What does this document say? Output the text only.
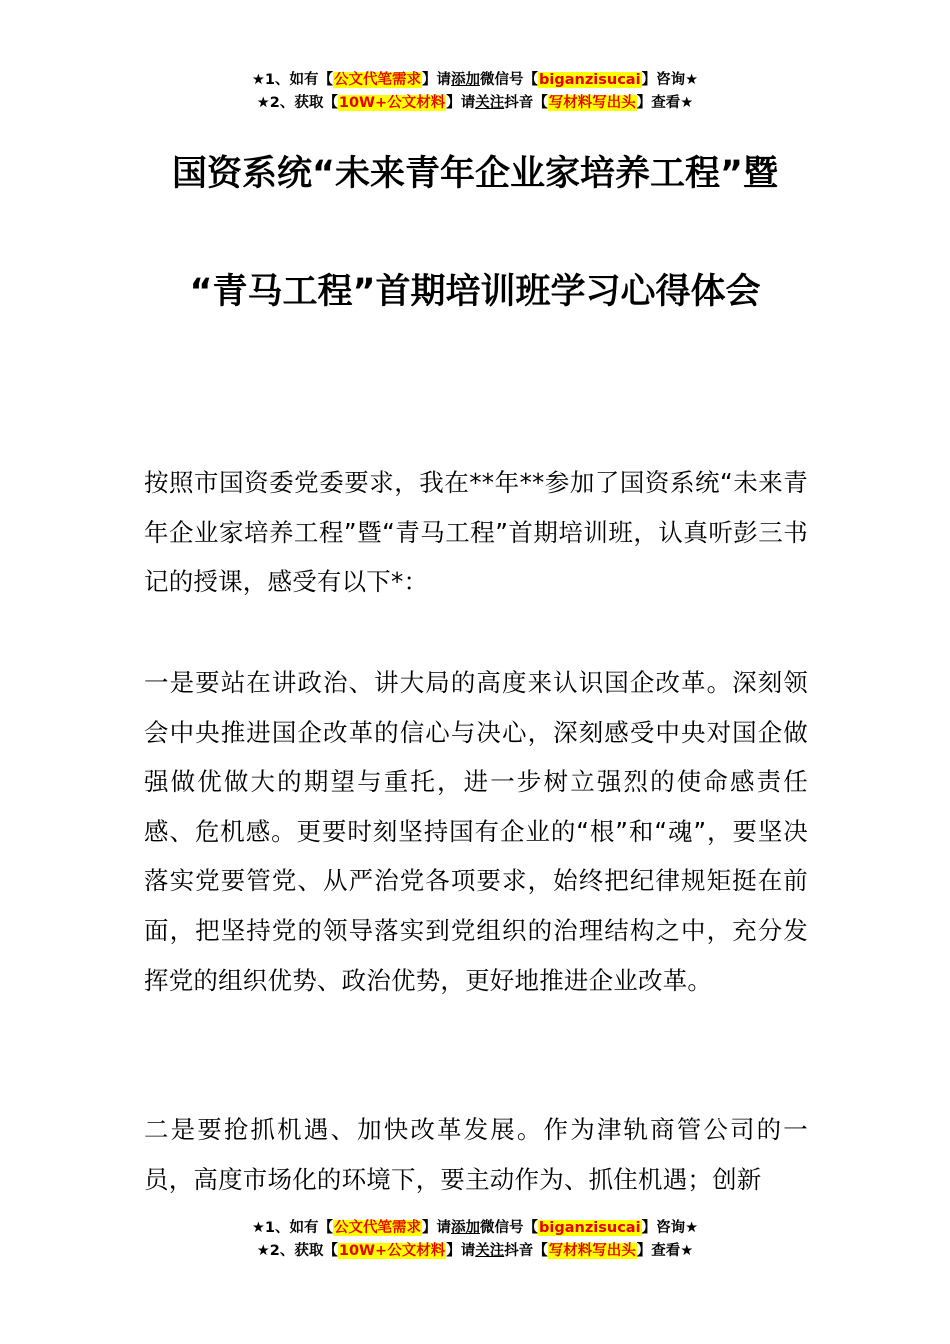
★1、如有【公文代笔需求】请添加微信号【biganzisucai】咨询★
★2、获取【10W+公文材料】请关注抖音【写材料写出头】查看★
国资系统“未来青年企业家培养工程”暨
“青马工程”首期培训班学习心得体会
按照市国资委党委要求，我在**年**参加了国资系统“未来青年企业家培养工程”暨“青马工程”首期培训班，认真听彭三书记的授课，感受有以下*：
一是要站在讲政治、讲大局的高度来认识国企改革。深刻领会中央推进国企改革的信心与决心，深刻感受中央对国企做强做优做大的期望与重托，进一步树立强烈的使命感责任感、危机感。更要时刻坚持国有企业的“根”和“魂”，要坚决落实党要管党、从严治党各项要求，始终把纪律规矩挺在前面，把坚持党的领导落实到党组织的治理结构之中，充分发挥党的组织优势、政治优势，更好地推进企业改革。
二是要抢抓机遇、加快改革发展。作为津轨商管公司的一员，高度市场化的环境下，要主动作为、抓住机遇；创新
★1、如有【公文代笔需求】请添加微信号【biganzisucai】咨询★
★2、获取【10W+公文材料】请关注抖音【写材料写出头】查看★
